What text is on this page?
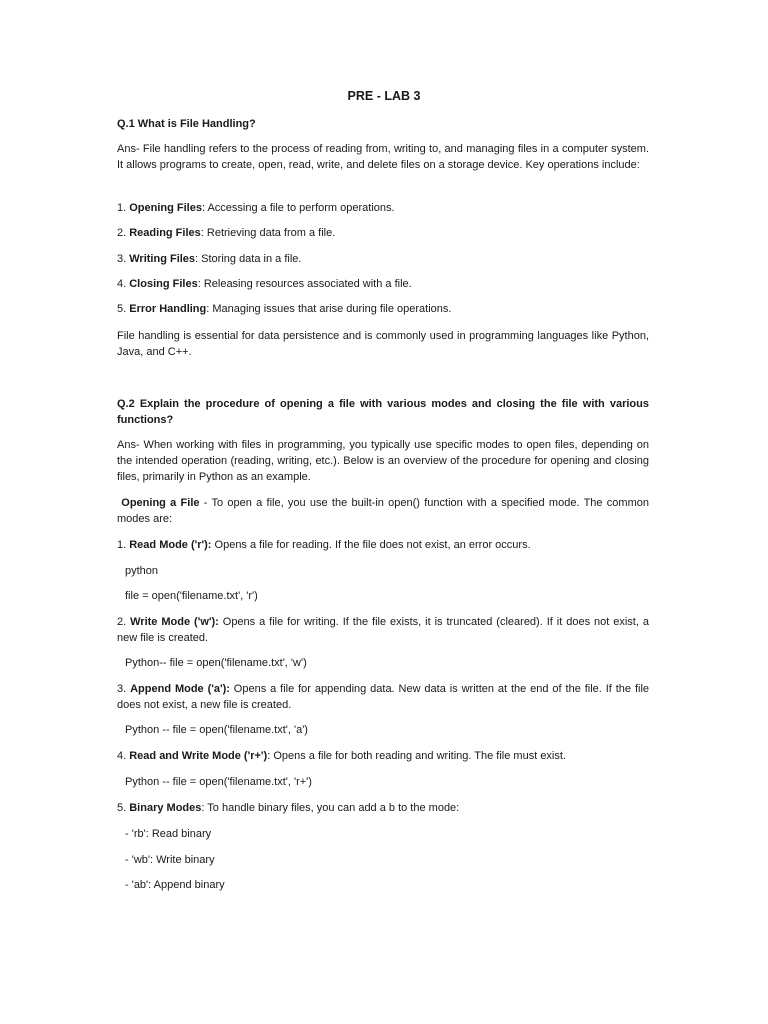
PRE - LAB 3

Q.1 What is File Handling?

Ans- File handling refers to the process of reading from, writing to, and managing files in a computer system. It allows programs to create, open, read, write, and delete files on a storage device. Key operations include:

1. Opening Files: Accessing a file to perform operations.

2. Reading Files: Retrieving data from a file.

3. Writing Files: Storing data in a file.

4. Closing Files: Releasing resources associated with a file.

5. Error Handling: Managing issues that arise during file operations.

File handling is essential for data persistence and is commonly used in programming languages like Python, Java, and C++.

Q.2 Explain the procedure of opening a file with various modes and closing the file with various functions?

Ans- When working with files in programming, you typically use specific modes to open files, depending on the intended operation (reading, writing, etc.). Below is an overview of the procedure for opening and closing files, primarily in Python as an example.

Opening a File - To open a file, you use the built-in open() function with a specified mode. The common modes are:

1. Read Mode ('r'): Opens a file for reading. If the file does not exist, an error occurs.

python

file = open('filename.txt', 'r')

2. Write Mode ('w'): Opens a file for writing. If the file exists, it is truncated (cleared). If it does not exist, a new file is created.

Python-- file = open('filename.txt', 'w')

3. Append Mode ('a'): Opens a file for appending data. New data is written at the end of the file. If the file does not exist, a new file is created.

Python -- file = open('filename.txt', 'a')

4. Read and Write Mode ('r+'): Opens a file for both reading and writing. The file must exist.

Python -- file = open('filename.txt', 'r+')

5. Binary Modes: To handle binary files, you can add a b to the mode:

- 'rb': Read binary

- 'wb': Write binary

- 'ab': Append binary
